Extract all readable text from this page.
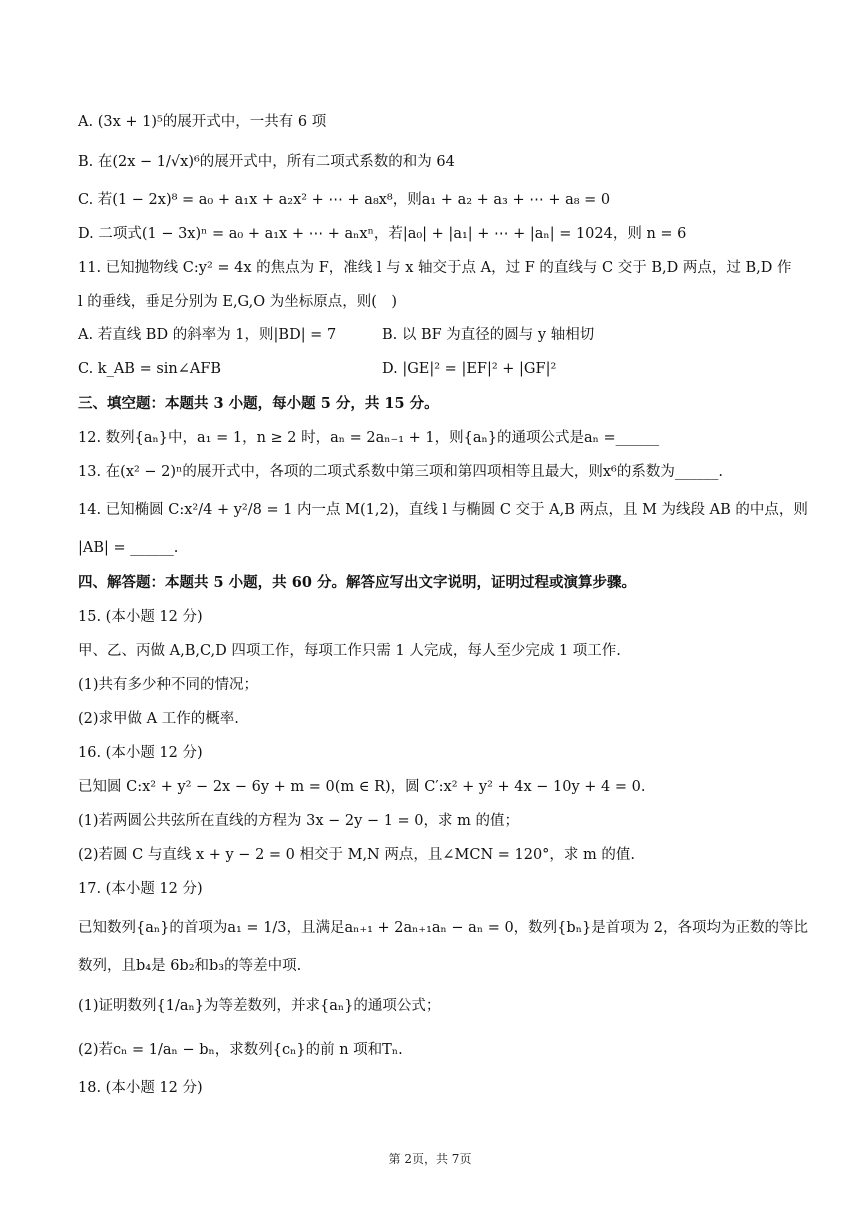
A. (3x + 1)⁵的展开式中，一共有 6 项
B. 在(2x − 1/√x)⁶的展开式中，所有二项式系数的和为 64
C. 若(1 − 2x)⁸ = a₀ + a₁x + a₂x² + ⋯ + a₈x⁸，则a₁ + a₂ + a₃ + ⋯ + a₈ = 0
D. 二项式(1 − 3x)ⁿ = a₀ + a₁x + ⋯ + aₙxⁿ，若|a₀| + |a₁| + ⋯ + |aₙ| = 1024，则 n = 6
11. 已知抛物线 C:y² = 4x 的焦点为 F，准线 l 与 x 轴交于点 A，过 F 的直线与 C 交于 B,D 两点，过 B,D 作
l 的垂线，垂足分别为 E,G,O 为坐标原点，则(　)
A. 若直线 BD 的斜率为 1，则|BD| = 7	B. 以 BF 为直径的圆与 y 轴相切
C. k_AB = sin∠AFB	D. |GE|² = |EF|² + |GF|²
三、填空题：本题共 3 小题，每小题 5 分，共 15 分。
12. 数列{aₙ}中，a₁ = 1，n ≥ 2 时，aₙ = 2aₙ₋₁ + 1，则{aₙ}的通项公式是aₙ =______
13. 在(x² − 2)ⁿ的展开式中，各项的二项式系数中第三项和第四项相等且最大，则x⁶的系数为______.
14. 已知椭圆 C:x²/4 + y²/8 = 1 内一点 M(1,2)，直线 l 与椭圆 C 交于 A,B 两点，且 M 为线段 AB 的中点，则
|AB| = ______.
四、解答题：本题共 5 小题，共 60 分。解答应写出文字说明，证明过程或演算步骤。
15. (本小题 12 分)
甲、乙、丙做 A,B,C,D 四项工作，每项工作只需 1 人完成，每人至少完成 1 项工作.
(1)共有多少种不同的情况；
(2)求甲做 A 工作的概率.
16. (本小题 12 分)
已知圆 C:x² + y² − 2x − 6y + m = 0(m ∈ R)，圆 C′:x² + y² + 4x − 10y + 4 = 0.
(1)若两圆公共弦所在直线的方程为 3x − 2y − 1 = 0，求 m 的值；
(2)若圆 C 与直线 x + y − 2 = 0 相交于 M,N 两点，且∠MCN = 120°，求 m 的值.
17. (本小题 12 分)
已知数列{aₙ}的首项为a₁ = 1/3，且满足aₙ₊₁ + 2aₙ₊₁aₙ − aₙ = 0，数列{bₙ}是首项为 2，各项均为正数的等比
数列，且b₄是 6b₂和b₃的等差中项.
(1)证明数列{1/aₙ}为等差数列，并求{aₙ}的通项公式；
(2)若cₙ = 1/aₙ − bₙ，求数列{cₙ}的前 n 项和Tₙ.
18. (本小题 12 分)
第 2页，共 7页
